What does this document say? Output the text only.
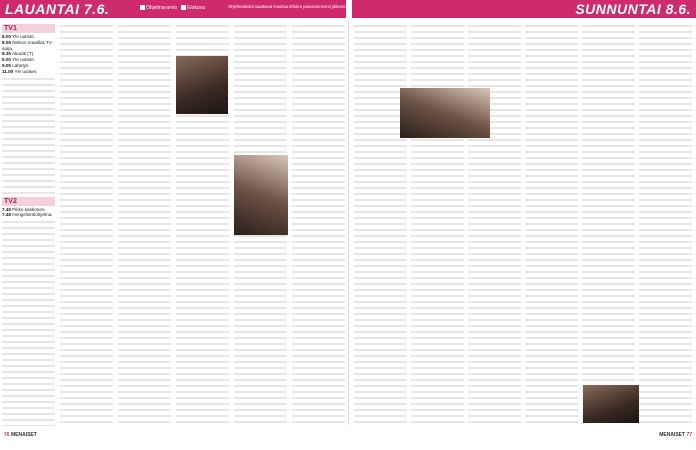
LAUANTAI 7.6.	Ohjelma-arvio	Elokuva	SUNNUNTAI 8.6.
Ohjelmatiedot saattavat muuttua lehden painoonmenon jälkeen.
TV1
8.00 Yle uutiset.
8.05 Nelson maatilat. Tv-sarja.
8.35 Akuutti (T).
9.00 Yle uutiset.
9.05 Lähetys.
11.00 Yle uutiset.
TV2
7.45 Pikku kakkonen.
7.48 Hengelointiohjelma.
76 MENAISET	MENAISET 77
